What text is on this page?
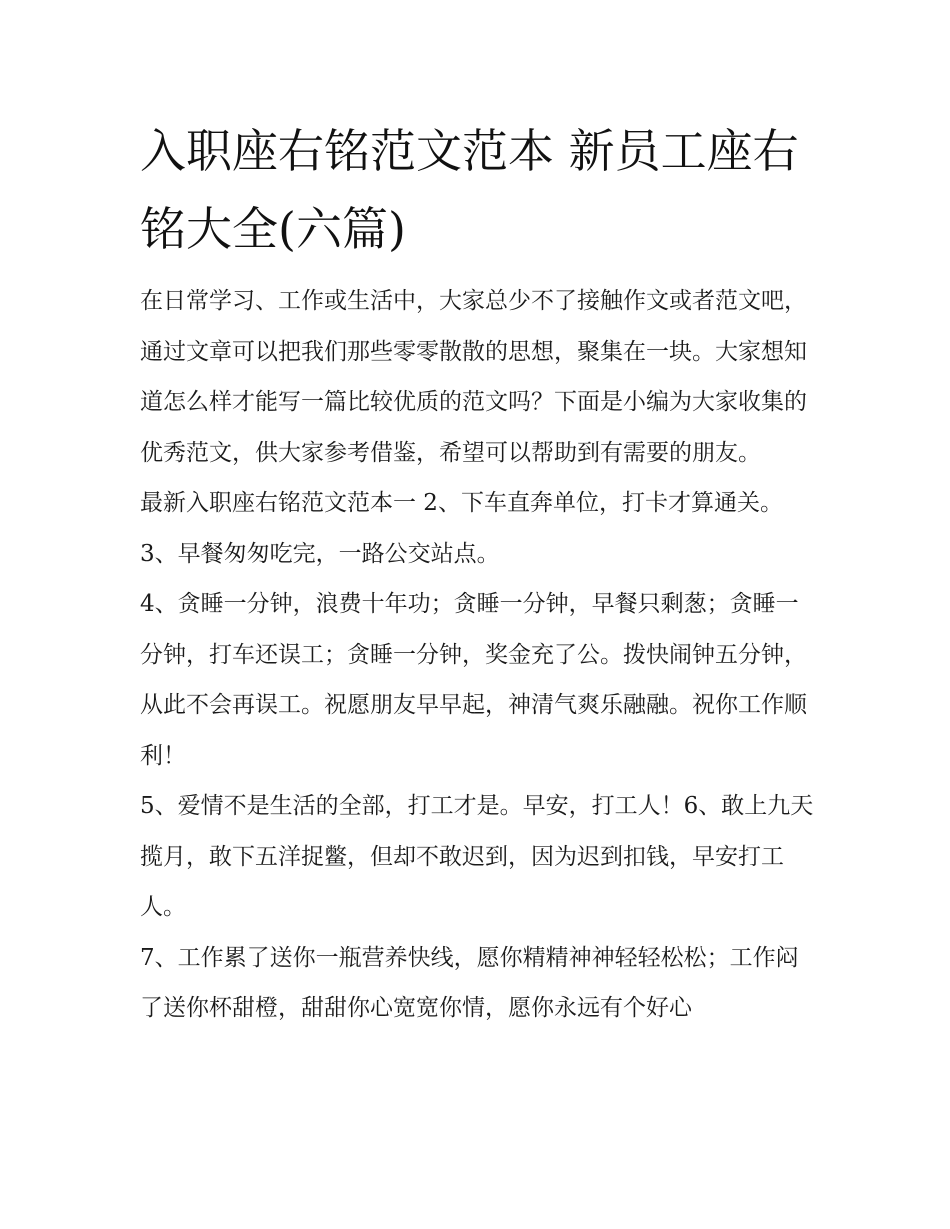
入职座右铭范文范本 新员工座右铭大全(六篇)

在日常学习、工作或生活中，大家总少不了接触作文或者范文吧，通过文章可以把我们那些零零散散的思想，聚集在一块。大家想知道怎么样才能写一篇比较优质的范文吗？下面是小编为大家收集的优秀范文，供大家参考借鉴，希望可以帮助到有需要的朋友。

最新入职座右铭范文范本一 2、下车直奔单位，打卡才算通关。 3、早餐匆匆吃完，一路公交站点。

4、贪睡一分钟，浪费十年功；贪睡一分钟，早餐只剩葱；贪睡一分钟，打车还误工；贪睡一分钟，奖金充了公。拨快闹钟五分钟，从此不会再误工。祝愿朋友早早起，神清气爽乐融融。祝你工作顺利！

5、爱情不是生活的全部，打工才是。早安，打工人！6、敢上九天揽月，敢下五洋捉鳖，但却不敢迟到，因为迟到扣钱，早安打工人。

7、工作累了送你一瓶营养快线，愿你精精神神轻轻松松；工作闷了送你杯甜橙，甜甜你心宽宽你情，愿你永远有个好心
